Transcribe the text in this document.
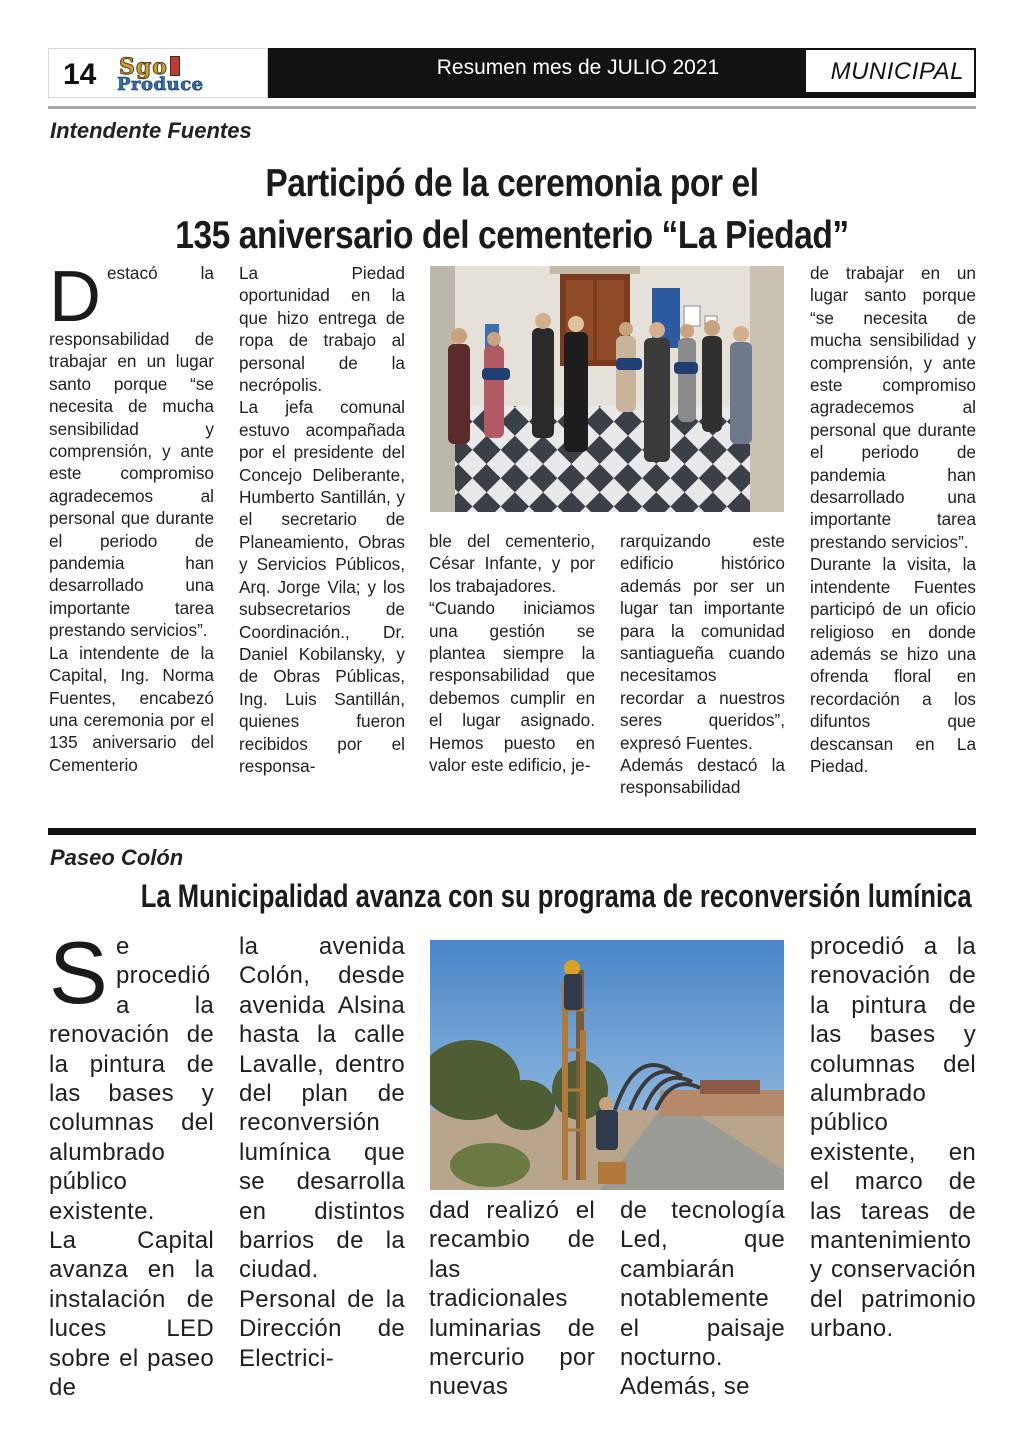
14 Sgo
Produce
Resumen mes de JULIO 2021	MUNICIPAL
Intendente Fuentes
Participó de la ceremonia por el
135 aniversario del cementerio “La Piedad”
D estacó la responsabilidad de trabajar en un lugar santo porque “se necesita de mucha sensibilidad y comprensión, y ante este compromiso agradecemos al personal que durante el periodo de pandemia han desarrollado una importante tarea prestando servicios”.

La intendente de la Capital, Ing. Norma Fuentes, encabezó una ceremonia por el 135 aniversario del Cementerio

La Piedad oportunidad en la que hizo entrega de ropa de trabajo al personal de la necrópolis.

La jefa comunal estuvo acompañada por el presidente del Concejo Deliberante, Humberto Santillán, y el secretario de Planeamiento, Obras y Servicios Públicos, Arq. Jorge Vila; y los subsecretarios de Coordinación., Dr. Daniel Kobilansky, y de Obras Públicas, Ing. Luis Santillán, quienes fueron recibidos por el responsa-

ble del cementerio, César Infante, y por los trabajadores.

“Cuando iniciamos una gestión se plantea siempre la responsabilidad que debemos cumplir en el lugar asignado. Hemos puesto en valor este edificio, je-

rarquizando este edificio histórico además por ser un lugar tan importante para la comunidad santiagueña cuando necesitamos recordar a nuestros seres queridos”, expresó Fuentes.

Además destacó la responsabilidad

de trabajar en un lugar santo porque “se necesita de mucha sensibilidad y comprensión, y ante este compromiso agradecemos al personal que durante el periodo de pandemia han desarrollado una importante tarea prestando servicios”.

Durante la visita, la intendente Fuentes participó de un oficio religioso en donde además se hizo una ofrenda floral en recordación a los difuntos que descansan en La Piedad.

Paseo Colón
La Municipalidad avanza con su programa de reconversión lumínica
S e procedió a la renovación de la pintura de las bases y columnas del alumbrado público existente.

La Capital avanza en la instalación de luces LED sobre el paseo de

la avenida Colón, desde avenida Alsina hasta la calle Lavalle, dentro del plan de reconversión lumínica que se desarrolla en distintos barrios de la ciudad.

Personal de la Dirección de Electrici-

dad realizó el recambio de las tradicionales luminarias de mercurio por nuevas

de tecnología Led, que cambiarán notablemente el paisaje nocturno.

Además, se

procedió a la renovación de la pintura de las bases y columnas del alumbrado público existente, en el marco de las tareas de mantenimiento y conservación del patrimonio urbano.
